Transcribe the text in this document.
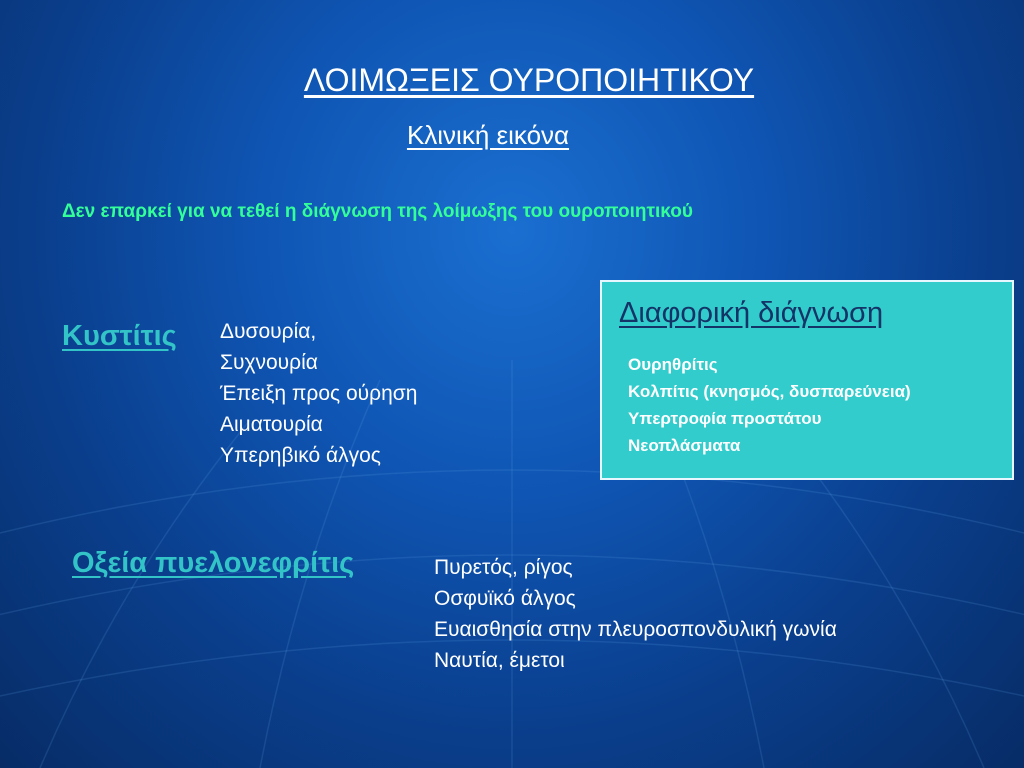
ΛΟΙΜΩΞΕΙΣ ΟΥΡΟΠΟΙΗΤΙΚΟΥ
Κλινική εικόνα
Δεν επαρκεί για να τεθεί η διάγνωση της λοίμωξης του ουροποιητικού
Κυστίτις Δυσουρία,
Συχνουρία
Έπειξη προς ούρηση
Αιματουρία
Υπερηβικό άλγος
Διαφορική διάγνωση
Ουρηθρίτις
Κολπίτις (κνησμός, δυσπαρεύνεια)
Υπερτροφία προστάτου
Νεοπλάσματα
Οξεία πυελονεφρίτις	Πυρετός, ρίγος
Οσφυϊκό άλγος
Ευαισθησία στην πλευροσπονδυλική γωνία
Ναυτία, έμετοι
